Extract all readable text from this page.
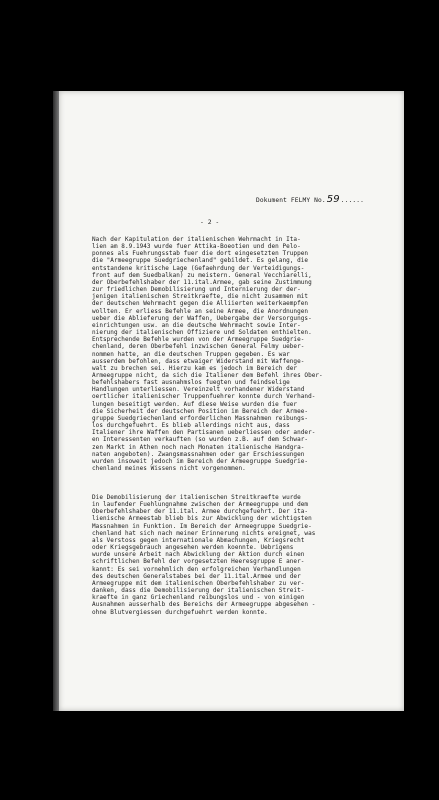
Dokument FELMY No.59......
- 2 -
Nach der Kapitulation der italienischen Wehrmacht in Ita-
lien am 8.9.1943 wurde fuer Attika-Boeotien und den Pelo-
ponnes als Fuehrungsstab fuer die dort eingesetzten Truppen
die "Armeegruppe Suedgriechenland" gebildet. Es gelang, die
entstandene kritische Lage (Gefaehrdung der Verteidigungs-
front auf dem Suedbalkan) zu meistern. General Vecchiarelli,
der Oberbefehlshaber der 11.ital.Armee, gab seine Zustimmung
zur friedlichen Demobilisierung und Internierung der der-
jenigen italienischen Streitkraefte, die nicht zusammen mit
der deutschen Wehrmacht gegen die Alliierten weiterkaempfen
wollten. Er erliess Befehle an seine Armee, die Anordnungen
ueber die Ablieferung der Waffen, Uebergabe der Versorgungs-
einrichtungen usw. an die deutsche Wehrmacht sowie Inter-
nierung der italienischen Offiziere und Soldaten enthielten.
Entsprechende Befehle wurden von der Armeegruppe Suedgrie-
chenland, deren Oberbefehl inzwischen General Felmy ueber-
nommen hatte, an die deutschen Truppen gegeben. Es war
ausserdem befohlen, dass etwaiger Widerstand mit Waffenge-
walt zu brechen sei. Hierzu kam es jedoch im Bereich der
Armeegruppe nicht, da sich die Italiener dem Befehl ihres Ober-
befehlshabers fast ausnahmslos fuegten und feindselige
Handlungen unterliessen. Vereinzelt vorhandener Widerstand
oertlicher italienischer Truppenfuehrer konnte durch Verhand-
lungen beseitigt werden. Auf diese Weise wurden die fuer
die Sicherheit der deutschen Position im Bereich der Armee-
gruppe Suedgriechenland erforderlichen Massnahmen reibungs-
los durchgefuehrt. Es blieb allerdings nicht aus, dass
Italiener ihre Waffen den Partisanen ueberliessen oder ander-
en Interessenten verkauften (so wurden z.B. auf dem Schwar-
zen Markt in Athen noch nach Monaten italienische Handgra-
naten angeboten). Zwangsmassnahmen oder gar Erschiessungen
wurden insoweit jedoch im Bereich der Armeegruppe Suedgrie-
chenland meines Wissens nicht vorgenommen.
Die Demobilisierung der italienischen Streitkraefte wurde
in laufender Fuehlungnahme zwischen der Armeegruppe und dem
Oberbefehlshaber der 11.ital. Armee durchgefuehrt. Der ita-
lienische Armeestab blieb bis zur Abwicklung der wichtigsten
Massnahmen in Funktion. Im Bereich der Armeegruppe Suedgrie-
chenland hat sich nach meiner Erinnerung nichts ereignet, was
als Verstoss gegen internationale Abmachungen, Kriegsrecht
oder Kriegsgebrauch angesehen werden koennte. Uebrigens
wurde unsere Arbeit nach Abwicklung der Aktion durch einen
schriftlichen Befehl der vorgesetzten Heeresgruppe E aner-
kannt: Es sei vornehmlich den erfolgreichen Verhandlungen
des deutschen Generalstabes bei der 11.ital.Armee und der
Armeegruppe mit dem italienischen Oberbefehlshaber zu ver-
danken, dass die Demobilisierung der italienischen Streit-
kraefte in ganz Griechenland reibungslos und - von einigen
Ausnahmen ausserhalb des Bereichs der Armeegruppe abgesehen -
ohne Blutvergiessen durchgefuehrt werden konnte.
